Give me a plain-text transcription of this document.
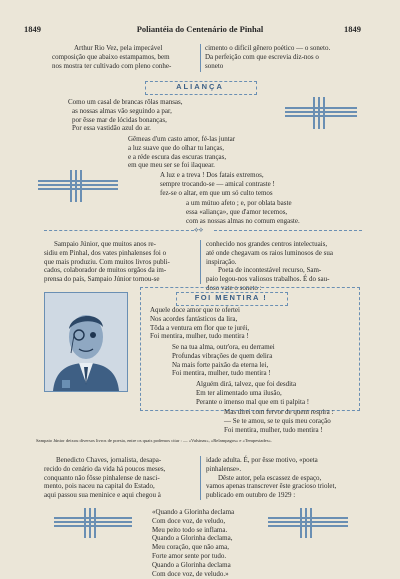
1849	Poliantéia do Centenário de Pinhal	1849
Arthur Rio Vez, pela impecável
composição que abaixo estampamos, bem
nos mostra ter cultivado com pleno conhe-
cimento o difícil gênero poético — o soneto.
Da perfeição com que escrevia diz-nos o
soneto
ALIANÇA
Como um casal de brancas rôlas mansas,
as nossas almas vão seguindo a par,
por êsse mar de lócidas bonanças,
Por essa vastidão azul do ar.
Gêmeas d'um casto amor, fé-las juntar
a luz suave que do olhar tu lanças,
e a réde escura das escuras tranças,
em que meu ser se foi ilaquear.
A luz e a treva ! Dos fatais extremos,
sempre trocando-se — amical contraste !
fez-se o altar, em que um só culto temos
a um mútuo afeto ; e, por oblata baste
essa «aliança», que d'amor tecemos,
com as nossas almas no comum engaste.
⟡⟡
Sampaio Júnior, que muitos anos re-
sidiu em Pinhal, dos vates pinhalenses foi o
que mais produziu. Com muitos livros publi-
cados, colaborador de muitos orgãos da im-
prensa do país, Sampaio Júnior tornou-se
conhecido nos grandes centros intelectuais,
até onde chegavam os raios luminosos de sua
inspiração.
Poeta de incontestável recurso, Sam-
paio legou-nos valiosos trabalhos. É do sau-
doso vate o soneto :
FOI MENTIRA !
Aquele doce amor que te ofertei
Nos acordes fantásticos da lira,
Tôda a ventura em flor que te juréi,
Foi mentira, mulher, tudo mentira !
Se na tua alma, outr'ora, eu derramei
Profundas vibrações de quem delira
Na mais forte paixão da eterna lei,
Foi mentira, mulher, tudo mentira !
Alguém dirá, talvez, que foi desdita
Em ter alimentado uma ilusão,
Perante o imenso mal que em ti palpita !
Mas direi com fervor de quem respira :
— Se te amou, se te quis meu coração
Foi mentira, mulher, tudo mentira !
Sampaio Júnior deixou diversos livros de poesia, entre os quais podemos citar : — «Valsinas», «Relampagos» e «Tempestades».
Benedicto Chaves, jornalista, desapa-
recido do cenário da vida há poucos meses,
conquanto não fôsse pinhalense de nasci-
mento, pois naceu na capital do Estado,
aqui passou sua meninice e aqui chegou à
idade adulta. É, por êsse motivo, «poeta
pinhalense».
Dêste autor, pela escassez de espaço,
vamos apenas transcrever êste gracioso triolet,
publicado em outubro de 1929 :
«Quando a Glorinha declama
Com doce voz, de veludo,
Meu peito todo se inflama.
Quando a Glorinha declama,
Meu coração, que não ama,
Forte amor sente por tudo.
Quando a Glorinha declama
Com doce voz, de veludo.»
